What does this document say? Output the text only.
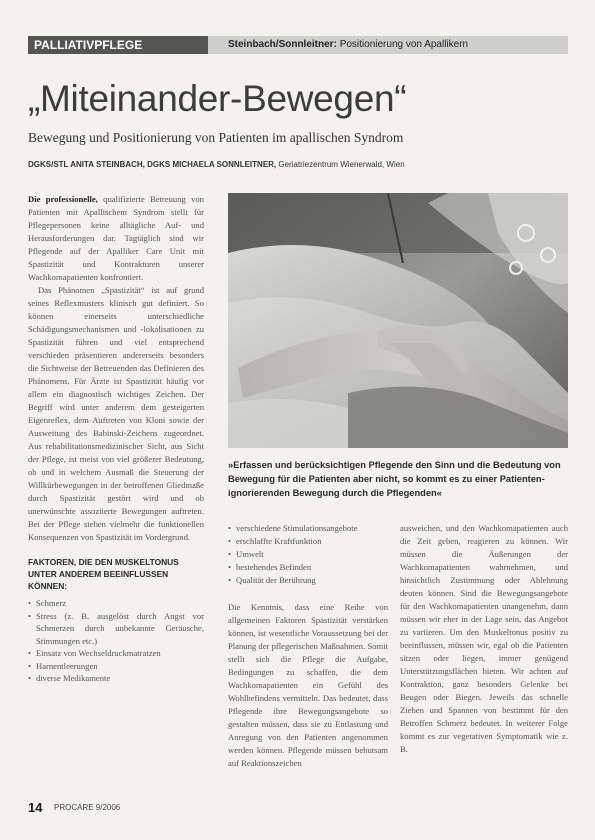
PALLIATIVPFLEGE	Steinbach/Sonnleitner: Positionierung von Apallikern
„Miteinander-Bewegen“
Bewegung und Positionierung von Patienten im apallischen Syndrom
DGKS/STL ANITA STEINBACH, DGKS MICHAELA SONNLEITNER, Geriatriezentrum Wienerwald, Wien

Die professionelle, qualifizierte Betreuung von Patienten mit Apallischem Syndrom stellt für Pflegepersonen keine alltägliche Auf- und Herausforderungen dar. Tagtäglich sind wir Pflegende auf der Apalliker Care Unit mit Spastizität und Kontrakturen unserer Wachkomapatienten konfrontiert.

Das Phänomen „Spastizität“ ist auf grund seines Reflexmusters klinisch gut definiert. So können einerseits unterschiedliche Schädigungsmechanismen und -lokalisationen zu Spastizität führen und viel entsprechend verschieden präsentieren andererseits besonders die Sichtweise der Betreuenden das Definieren des Phänomens. Für Ärzte ist Spastizität häufig vor allem ein diagnostisch wichtiges Zeichen. Der Begriff wird unter anderem dem gesteigerten Eigenreflex, dem Auftreten von Kloni sowie der Ausweitung des Babinski-Zeichens zugeordnet. Aus rehabilitationsmedizinischer Sicht, aus Sicht der Pflege, ist meist von viel größerer Bedeutung, ob und in welchem Ausmaß die Steuerung der Willkürbewegungen in der betroffenen Gliedmaße durch Spastizität gestört wird und ob unerwünschte assoziierte Bewegungen auftreten. Bei der Pflege stehen vielmehr die funktionellen Konsequenzen von Spastizität im Vordergrund.

FAKTOREN, DIE DEN MUSKELTONUS UNTER ANDEREM BEEINFLUSSEN KÖNNEN:
• Schmerz
• Stress (z. B. ausgelöst durch Angst vor Schmerzen durch unbekannte Geräusche, Stimmungen etc.)
• Einsatz von Wechseldruckmatratzen
• Harnentleerungen
• diverse Medikamente
»Erfassen und berücksichtigen Pflegende den Sinn und die Bedeutung von Bewegung für die Patienten aber nicht, so kommt es zu einer Patienten-ignorierenden Bewegung durch die Pflegenden«
• verschiedene Stimulationsangebote
• erschlaffte Kraftfunktion
• Umwelt
• bestehendes Befinden
• Qualität der Berührung

Die Kenntnis, dass eine Reihe von allgemeinen Faktoren Spastizität verstärken können, ist wesentliche Voraussetzung bei der Planung der pflegerischen Maßnahmen. Somit stellt sich die Pflege die Aufgabe, Bedingungen zu schaffen, die dem Wachkomapatienten ein Gefühl des Wohlbefindens vermitteln. Das bedeutet, dass Pflegende ihre Bewegungsangebote so gestalten müssen, dass sie zu Entlastung und Anregung von den Patienten angenommen werden können. Pflegende müssen behutsam auf Reaktionszeichen

ausweichen, und den Wachkomapatienten auch die Zeit geben, reagieren zu können. Wir müssen die Äußerungen der Wachkomapatienten wahrnehmen, und hinsichtlich Zustimmung oder Ablehnung deuten können. Sind die Bewegungsangebote für den Wachkomapatienten unangenehm, dann müssen wir eher in der Lage sein, das Angebot zu variieren. Um den Muskeltonus positiv zu beeinflussen, müssen wir, egal ob die Patienten sitzen oder liegen, immer genügend Unterstützungsflächen bieten. Wir achten auf Kontraktion, ganz besonders Gelenke bei Beugen oder Biegen. Jeweils das schnelle Ziehen und Spannen von bestimmt für den Betroffen Schmerz bedeutet. In weiterer Folge kommt es zur vegetativen Symptomatik wie z. B.

14 PROCARE 9/2006
